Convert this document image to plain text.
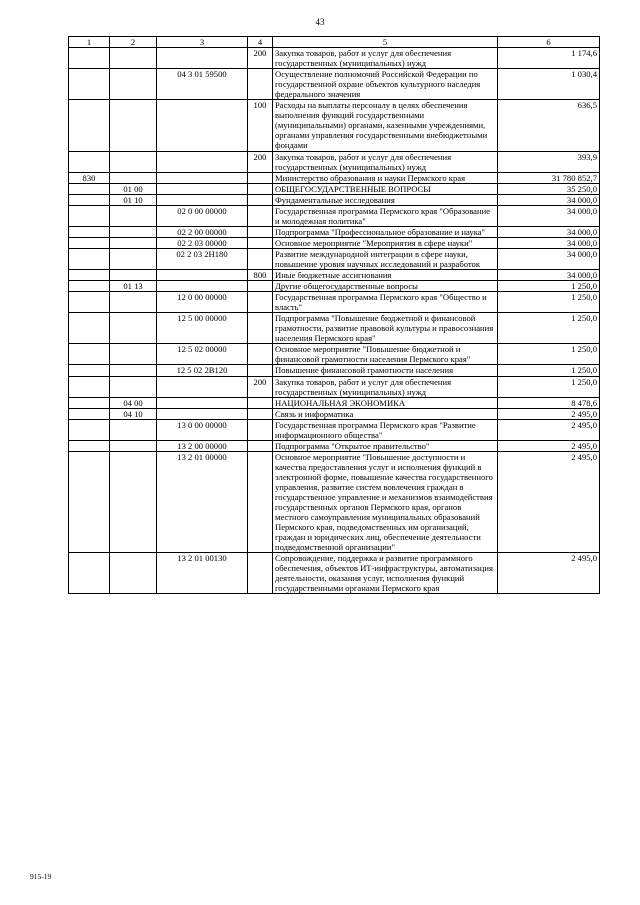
43
1	2	3	4	5	6
			200	Закупка товаров, работ и услуг для обеспечения государственных (муниципальных) нужд	1 174,6
		04 3 01 59500		Осуществление полномочий Российской Федерации по государственной охране объектов культурного наследия федерального значения	1 030,4
			100	Расходы на выплаты персоналу в целях обеспечения выполнения функций государственными (муниципальными) органами, казенными учреждениями, органами управления государственными внебюджетными фондами	636,5
			200	Закупка товаров, работ и услуг для обеспечения государственных (муниципальных) нужд	393,9
830				Министерство образования и науки Пермского края	31 780 852,7
	01 00			ОБЩЕГОСУДАРСТВЕННЫЕ ВОПРОСЫ	35 250,0
	01 10			Фундаментальные исследования	34 000,0
		02 0 00 00000		Государственная программа Пермского края "Образование и молодежная политика"	34 000,0
		02 2 00 00000		Подпрограмма "Профессиональное образование и наука"	34 000,0
		02 2 03 00000		Основное мероприятие "Мероприятия в сфере науки"	34 000,0
		02 2 03 2Н180		Развитие международной интеграции в сфере науки, повышение уровня научных исследований и разработок	34 000,0
			800	Иные бюджетные ассигнования	34 000,0
	01 13			Другие общегосударственные вопросы	1 250,0
		12 0 00 00000		Государственная программа Пермского края "Общество и власть"	1 250,0
		12 5 00 00000		Подпрограмма "Повышение бюджетной и финансовой грамотности, развитие правовой культуры и правосознания населения Пермского края"	1 250,0
		12 5 02 00000		Основное мероприятие "Повышение бюджетной и финансовой грамотности населения Пермского края"	1 250,0
		12 5 02 2В120		Повышение финансовой грамотности населения	1 250,0
			200	Закупка товаров, работ и услуг для обеспечения государственных (муниципальных) нужд	1 250,0
	04 00			НАЦИОНАЛЬНАЯ ЭКОНОМИКА	8 478,6
	04 10			Связь и информатика	2 495,0
		13 0 00 00000		Государственная программа Пермского края "Развитие информационного общества"	2 495,0
		13 2 00 00000		Подпрограмма "Открытое правительство"	2 495,0
		13 2 01 00000		Основное мероприятие "Повышение доступности и качества предоставления услуг и исполнения функций в электронной форме, повышение качества государственного управления, развитие систем вовлечения граждан в государственное управление и механизмов взаимодействия государственных органов Пермского края, органов местного самоуправления муниципальных образований Пермского края, подведомственных им организаций, граждан и юридических лиц, обеспечение деятельности подведомственной организации"	2 495,0
		13 2 01 00130		Сопровождение, поддержка и развитие программного обеспечения, объектов ИТ-инфраструктуры, автоматизация деятельности, оказания услуг, исполнения функций государственными органами Пермского края	2 495,0
915-19
